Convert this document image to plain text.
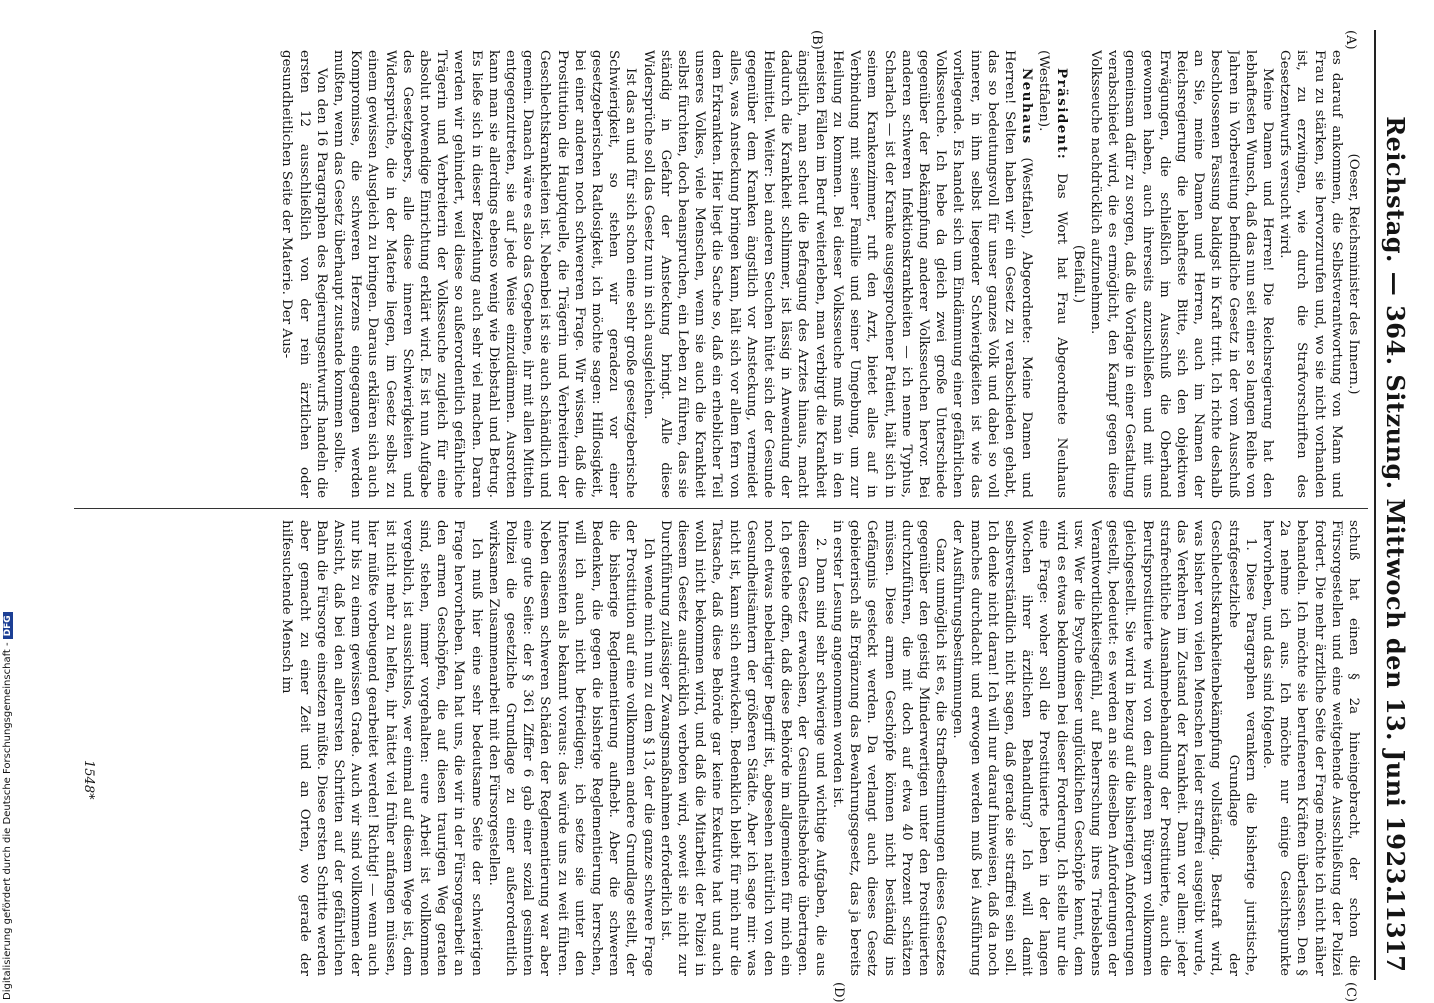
Reichstag. — 364. Sitzung. Mittwoch den 13. Juni 1923.
11317
(A)
(B)
(C)
(D)

(Oeser, Reichsminister des Innern.)

es darauf ankommen, die Selbstverantwortung von Mann und Frau zu stärken, sie hervorzurufen und, wo sie nicht vorhanden ist, zu erzwingen, wie durch die Strafvorschriften des Gesetzentwurfs versucht wird.

Meine Damen und Herren! Die Reichsregierung hat den lebhaftesten Wunsch, daß das nun seit einer so langen Reihe von Jahren in Vorbereitung befindliche Gesetz in der vom Ausschuß beschlossenen Fassung baldigst in Kraft tritt. Ich richte deshalb an Sie, meine Damen und Herren, auch im Namen der Reichsregierung die lebhafteste Bitte, sich den objektiven Erwägungen, die schließlich im Ausschuß die Oberhand gewonnen haben, auch ihrerseits anzuschließen und mit uns gemeinsam dafür zu sorgen, daß die Vorlage in einer Gestaltung verabschiedet wird, die es ermöglicht, den Kampf gegen diese Volksseuche nachdrücklich aufzunehmen.

(Beifall.)

Präsident: Das Wort hat Frau Abgeordnete Neuhaus (Westfalen).

Neuhaus (Westfalen), Abgeordnete: Meine Damen und Herren! Selten haben wir ein Gesetz zu verabschieden gehabt, das so bedeutungsvoll für unser ganzes Volk und dabei so voll innerer, in ihm selbst liegender Schwierigkeiten ist wie das vorliegende. Es handelt sich um Eindämmung einer gefährlichen Volksseuche. Ich hebe da gleich zwei große Unterschiede gegenüber der Bekämpfung anderer Volksseuchen hervor. Bei anderen schweren Infektionskrankheiten — ich nenne Typhus, Scharlach — ist der Kranke ausgesprochener Patient, hält sich in seinem Krankenzimmer, ruft den Arzt, bietet alles auf in Verbindung mit seiner Familie und seiner Umgebung, um zur Heilung zu kommen. Bei dieser Volksseuche muß man in den meisten Fällen im Beruf weiterleben, man verbirgt die Krankheit ängstlich, man scheut die Befragung des Arztes hinaus, macht dadurch die Krankheit schlimmer, ist lässig in Anwendung der Heilmittel. Weiter: bei anderen Seuchen hütet sich der Gesunde gegenüber dem Kranken ängstlich vor Ansteckung, vermeidet alles, was Ansteckung bringen kann, hält sich vor allem fern von dem Erkrankten. Hier liegt die Sache so, daß ein erheblicher Teil unseres Volkes, viele Menschen, wenn sie auch die Krankheit selbst fürchten, doch beanspruchen, ein Leben zu führen, das sie ständig in Gefahr der Ansteckung bringt. Alle diese Widersprüche soll das Gesetz nun in sich ausgleichen.

Ist das an und für sich schon eine sehr große gesetzgeberische Schwierigkeit, so stehen wir geradezu vor einer gesetzgeberischen Ratlosigkeit, ich möchte sagen: Hilflosigkeit, bei einer anderen noch schwereren Frage. Wir wissen, daß die Prostitution die Hauptquelle, die Trägerin und Verbreiterin der Geschlechtskrankheiten ist. Nebenbei ist sie auch schändlich und gemein. Danach wäre es also das Gegebene, ihr mit allen Mitteln entgegenzutreten, sie auf jede Weise einzudämmen. Ausrotten kann man sie allerdings ebenso wenig wie Diebstahl und Betrug. Es ließe sich in dieser Beziehung auch sehr viel machen. Daran werden wir gehindert, weil diese so außerordentlich gefährliche Trägerin und Verbreiterin der Volksseuche zugleich für eine absolut notwendige Einrichtung erklärt wird. Es ist nun Aufgabe des Gesetzgebers, alle diese inneren Schwierigkeiten und Widersprüche, die in der Materie liegen, im Gesetz selbst zu einem gewissen Ausgleich zu bringen. Daraus erklären sich auch Kompromisse, die schweren Herzens eingegangen werden mußten, wenn das Gesetz überhaupt zustande kommen sollte.

Von den 16 Paragraphen des Regierungsentwurfs handeln die ersten 12 ausschließlich von der rein ärztlichen oder gesundheitlichen Seite der Materie. Der Aus-

schuß hat einen § 2a hineingebracht, der schon die Fürsorgestellen und eine weitgehende Ausschließung der Polizei fordert. Die mehr ärztliche Seite der Frage möchte ich nicht näher behandeln. Ich möchte sie berufeneren Kräften überlassen. Den § 2a nehme ich aus. Ich möchte nur einige Gesichtspunkte hervorheben, und das sind folgende.

1. Diese Paragraphen verankern die bisherige juristische, strafgesetzliche Grundlage der Geschlechtskrankheitenbekämpfung vollständig. Bestraft wird, was bisher von vielen Menschen leider straffrei ausgeübt wurde, das Verkehren im Zustand der Krankheit. Dann vor allem: jeder strafrechtliche Ausnahmebehandlung der Prostituierte, auch die Berufsprostituierte wird von den anderen Bürgern vollkommen gleichgestellt. Sie wird in bezug auf die bisherigen Anforderungen gestellt, bedeutet: es werden an sie dieselben Anforderungen der Verantwortlichkeitsgefühl, auf Beherrschung ihres Triebslebens usw. Wer die Psyche dieser unglücklichen Geschöpfe kennt, dem wird es etwas beklommen bei dieser Forderung. Ich stelle nur die eine Frage: woher soll die Prostituierte leben in der langen Wochen ihrer ärztlichen Behandlung? Ich will damit selbstverständlich nicht sagen, daß gerade sie straffrei sein soll. Ich denke nicht daran! Ich will nur darauf hinweisen, daß da noch manches durchdacht und erwogen werden muß bei Ausführung der Ausführungsbestimmungen.

Ganz unmöglich ist es, die Strafbestimmungen dieses Gesetzes gegenüber den geistig Minderwertigen unter den Prostituierten durchzuführen, die mit doch auf etwa 40 Prozent schätzen müssen. Diese armen Geschöpfe können nicht beständig ins Gefängnis gesteckt werden. Da verlangt auch dieses Gesetz gebieterisch als Ergänzung das Bewahrungsgesetz, das ja bereits in erster Lesung angenommen worden ist.

2. Dann sind sehr schwierige und wichtige Aufgaben, die aus diesem Gesetz erwachsen, der Gesundheitsbehörde übertragen. Ich gestehe offen, daß diese Behörde im allgemeinen für mich ein noch etwas nebelartiger Begriff ist, abgesehen natürlich von den Gesundheitsämtern der größeren Städte. Aber ich sage mir: was nicht ist, kann sich entwickeln. Bedenklich bleibt für mich nur die Tatsache, daß diese Behörde gar keine Exekutive hat und auch wohl nicht bekommen wird, und daß die Mitarbeit der Polizei in diesem Gesetz ausdrücklich verboten wird, soweit sie nicht zur Durchführung zulässiger Zwangsmaßnahmen erforderlich ist.

Ich wende mich nun zu dem § 13, der die ganze schwere Frage der Prostitution auf eine vollkommen andere Grundlage stellt, der die bisherige Reglementierung aufhebt. Aber die schweren Bedenken, die gegen die bisherige Reglementierung herrschen, will ich auch nicht befriedigen; ich setze sie unter den Interessenten als bekannt voraus: das würde uns zu weit führen. Neben diesem schweren Schäden der Reglementierung war aber eine gute Seite: der § 361 Ziffer 6 gab einer sozial gesinnten Polizei die gesetzliche Grundlage zu einer außerordentlich wirksamen Zusammenarbeit mit den Fürsorgestellen.

Ich muß hier eine sehr bedeutsame Seite der schwierigen Frage hervorheben. Man hat uns, die wir in der Fürsorgearbeit an den armen Geschöpfen, die auf diesen traurigen Weg geraten sind, stehen, immer vorgehalten: eure Arbeit ist vollkommen vergeblich, ist aussichtslos, wer einmal auf diesem Wege ist, dem ist nicht mehr zu helfen, ihr hättet viel früher anfangen müssen, hier müßte vorbeugend gearbeitet werden! Richtig! — wenn auch nur bis zu einem gewissen Grade. Auch wir sind vollkommen der Ansicht, daß bei den allerersten Schritten auf der gefährlichen Bahn die Fürsorge einsetzen müßte. Diese ersten Schritte werden aber gemacht zu einer Zeit und an Orten, wo gerade der hilfesuchende Mensch im

1548*
Digitalisierung gefördert durch die Deutsche Forschungsgemeinschaft -DFG
